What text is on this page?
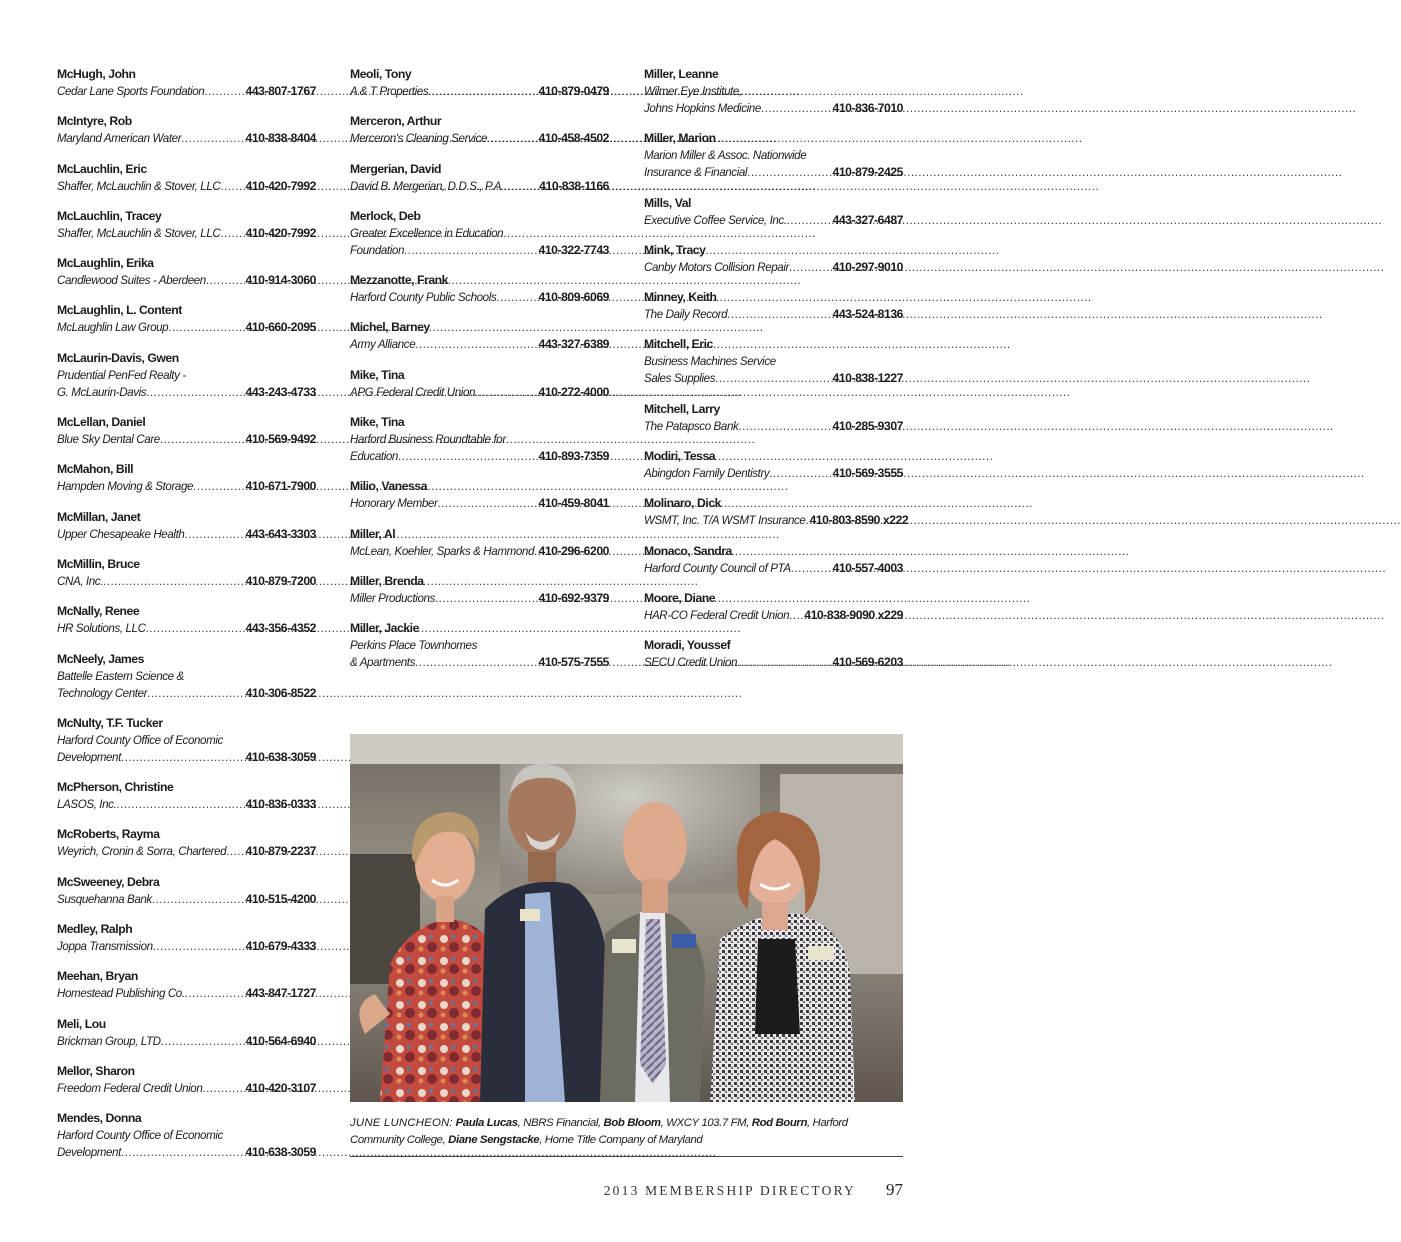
McHugh, John
Cedar Lane Sports Foundation .....	443-807-1767
McIntyre, Rob
Maryland American Water .....	410-838-8404
McLauchlin, Eric
Shaffer, McLauchlin & Stover, LLC ..... 410-420-7992
McLauchlin, Tracey
Shaffer, McLauchlin & Stover, LLC ..... 410-420-7992
McLaughlin, Erika
Candlewood Suites - Aberdeen .....	410-914-3060
McLaughlin, L. Content
McLaughlin Law Group .....	410-660-2095
McLaurin-Davis, Gwen
Prudential PenFed Realty -
G. McLaurin-Davis .....	443-243-4733
McLellan, Daniel
Blue Sky Dental Care .....	410-569-9492
McMahon, Bill
Hampden Moving & Storage .....	410-671-7900
McMillan, Janet
Upper Chesapeake Health .....	443-643-3303
McMillin, Bruce
CNA, Inc. .....	410-879-7200
McNally, Renee
HR Solutions, LLC .....	443-356-4352
McNeely, James
Battelle Eastern Science &
Technology Center .....	410-306-8522
McNulty, T.F. Tucker
Harford County Office of Economic
Development .....	410-638-3059
McPherson, Christine
LASOS, Inc. .....	410-836-0333
McRoberts, Rayma
Weyrich, Cronin & Sorra, Chartered ..... 410-879-2237
McSweeney, Debra
Susquehanna Bank .....	410-515-4200
Medley, Ralph
Joppa Transmission .....	410-679-4333
Meehan, Bryan
Homestead Publishing Co. .....	443-847-1727
Meli, Lou
Brickman Group, LTD .....	410-564-6940
Mellor, Sharon
Freedom Federal Credit Union .....	410-420-3107
Mendes, Donna
Harford County Office of Economic
Development .....	410-638-3059
Meoli, Tony
A & T Properties .....	410-879-0479
Merceron, Arthur
Merceron's Cleaning Service .....	410-458-4502
Mergerian, David
David B. Mergerian, D.D.S., P.A. .....	410-838-1166
Merlock, Deb
Greater Excellence in Education
Foundation .....	410-322-7743
Mezzanotte, Frank
Harford County Public Schools .....	410-809-6069
Michel, Barney
Army Alliance .....	443-327-6389
Mike, Tina
APG Federal Credit Union .....	410-272-4000
Mike, Tina
Harford Business Roundtable for
Education .....	410-893-7359
Milio, Vanessa
Honorary Member .....	410-459-8041
Miller, Al
McLean, Koehler, Sparks & Hammond ..... 410-296-6200
Miller, Brenda
Miller Productions .....	410-692-9379
Miller, Jackie
Perkins Place Townhomes
& Apartments .....	410-575-7555
Miller, Leanne
Wilmer Eye Institute,
Johns Hopkins Medicine .....	410-836-7010
Miller, Marion
Marion Miller & Assoc. Nationwide
Insurance & Financial .....	410-879-2425
Mills, Val
Executive Coffee Service, Inc. .....	443-327-6487
Mink, Tracy
Canby Motors Collision Repair .....	410-297-9010
Minney, Keith
The Daily Record .....	443-524-8136
Mitchell, Eric
Business Machines Service
Sales Supplies .....	410-838-1227
Mitchell, Larry
The Patapsco Bank .....	410-285-9307
Modiri, Tessa
Abingdon Family Dentistry .....	410-569-3555
Molinaro, Dick
WSMT, Inc. T/A WSMT Insurance ..... 410-803-8590 x222
Monaco, Sandra
Harford County Council of PTA .....	410-557-4003
Moore, Diane
HAR-CO Federal Credit Union ..... 410-838-9090 x229
Moradi, Youssef
SECU Credit Union .....	410-569-6203
JUNE LUNCHEON: Paula Lucas, NBRS Financial, Bob Bloom, WXCY 103.7 FM, Rod Bourn, Harford Community College, Diane Sengstacke, Home Title Company of Maryland
2013 MEMBERSHIP DIRECTORY 97
